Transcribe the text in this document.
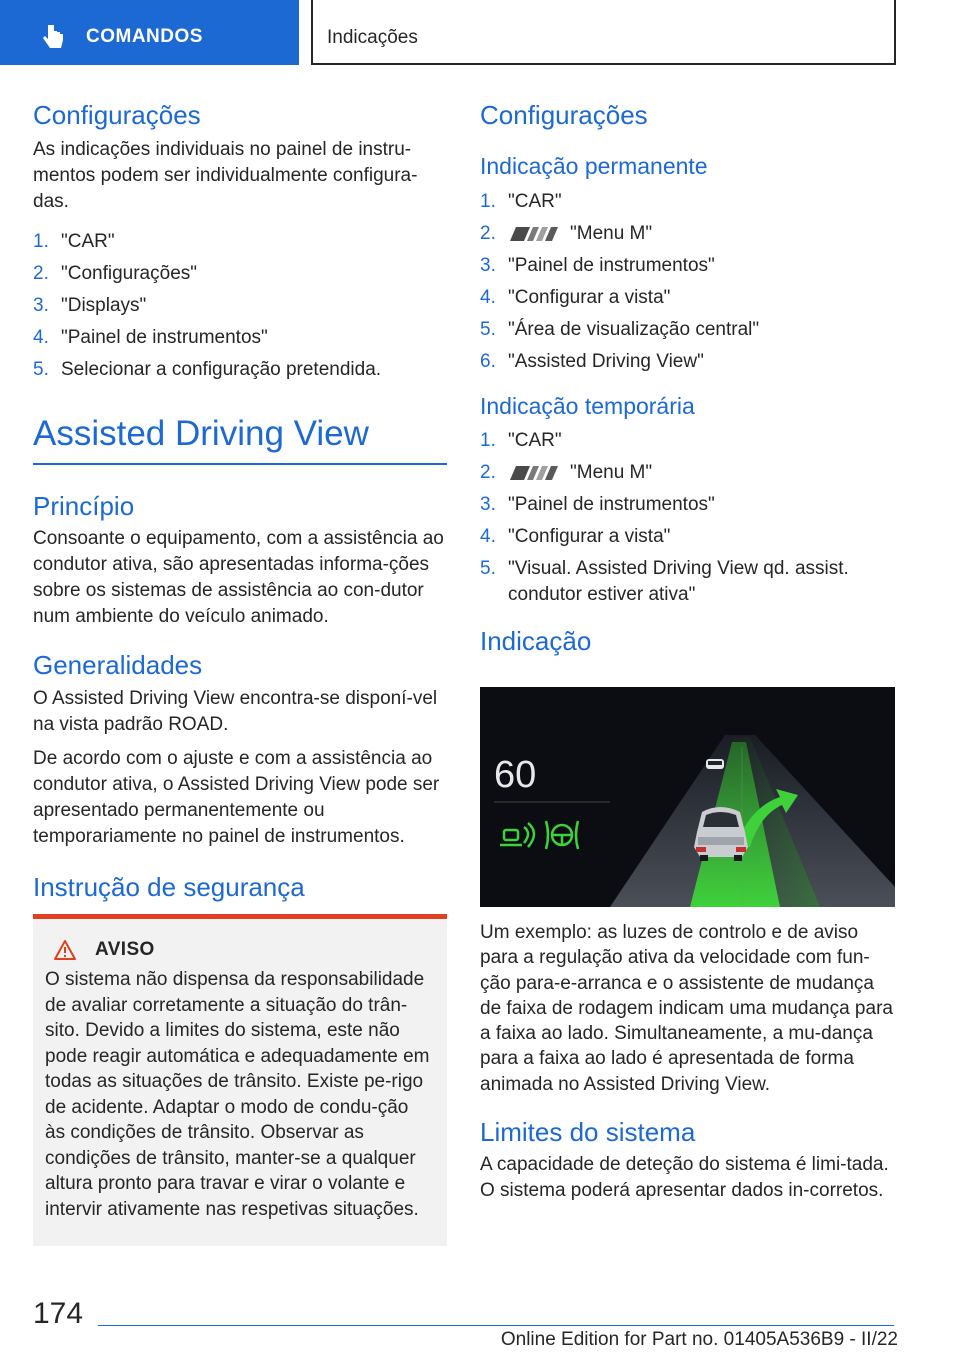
COMANDOS	Indicações
Configurações

As indicações individuais no painel de instru-mentos podem ser individualmente configura-das.

1. "CAR"
2. "Configurações"
3. "Displays"
4. "Painel de instrumentos"
5. Selecionar a configuração pretendida.
Assisted Driving View
Princípio

Consoante o equipamento, com a assistência ao condutor ativa, são apresentadas informa-ções sobre os sistemas de assistência ao con-dutor num ambiente do veículo animado.

Generalidades

O Assisted Driving View encontra-se disponí-vel na vista padrão ROAD.

De acordo com o ajuste e com a assistência ao condutor ativa, o Assisted Driving View pode ser apresentado permanentemente ou temporariamente no painel de instrumentos.

Instrução de segurança
AVISO

O sistema não dispensa da responsabilidade de avaliar corretamente a situação do trân-sito. Devido a limites do sistema, este não pode reagir automática e adequadamente em todas as situações de trânsito. Existe pe-rigo de acidente. Adaptar o modo de condu-ção às condições de trânsito. Observar as condições de trânsito, manter-se a qualquer altura pronto para travar e virar o volante e intervir ativamente nas respetivas situações.

Configurações
Indicação permanente
1. "CAR"
2.	"Menu M"
3. "Painel de instrumentos"
4. "Configurar a vista"
5. "Área de visualização central"
6. "Assisted Driving View"
Indicação temporária
1. "CAR"
2.	"Menu M"
3. "Painel de instrumentos"
4. "Configurar a vista"
5. "Visual. Assisted Driving View qd. assist. condutor estiver ativa"
Indicação
60

Um exemplo: as luzes de controlo e de aviso para a regulação ativa da velocidade com fun-ção para-e-arranca e o assistente de mudança de faixa de rodagem indicam uma mudança para a faixa ao lado. Simultaneamente, a mu-dança para a faixa ao lado é apresentada de forma animada no Assisted Driving View.

Limites do sistema

A capacidade de deteção do sistema é limi-tada. O sistema poderá apresentar dados in-corretos.

174
Online Edition for Part no. 01405A536B9 - II/22
